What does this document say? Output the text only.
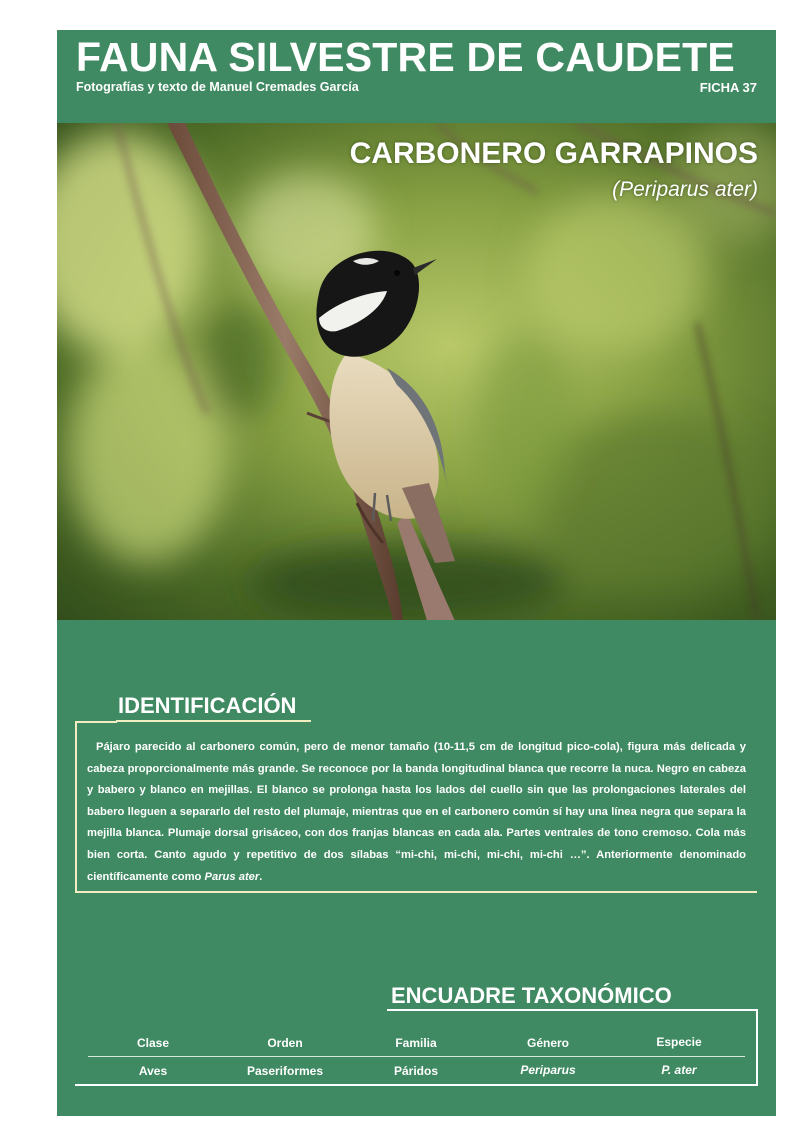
FAUNA SILVESTRE DE CAUDETE
Fotografías y texto de Manuel Cremades García	FICHA 37
CARBONERO GARRAPINOS
(Periparus ater)
IDENTIFICACIÓN

Pájaro parecido al carbonero común, pero de menor tamaño (10-11,5 cm de longitud pico-cola), figura más delicada y cabeza proporcionalmente más grande. Se reconoce por la banda longitudinal blanca que recorre la nuca. Negro en cabeza y babero y blanco en mejillas. El blanco se prolonga hasta los lados del cuello sin que las prolongaciones laterales del babero lleguen a separarlo del resto del plumaje, mientras que en el carbonero común sí hay una línea negra que separa la mejilla blanca. Plumaje dorsal grisáceo, con dos franjas blancas en cada ala. Partes ventrales de tono cremoso. Cola más bien corta. Canto agudo y repetitivo de dos sílabas “mi-chi, mi-chi, mi-chi, mi-chi …”. Anteriormente denominado científicamente como Parus ater.

ENCUADRE TAXONÓMICO
Clase	Orden	Familia	Género	Especie
Aves	Paseriformes	Páridos	Periparus	P. ater
